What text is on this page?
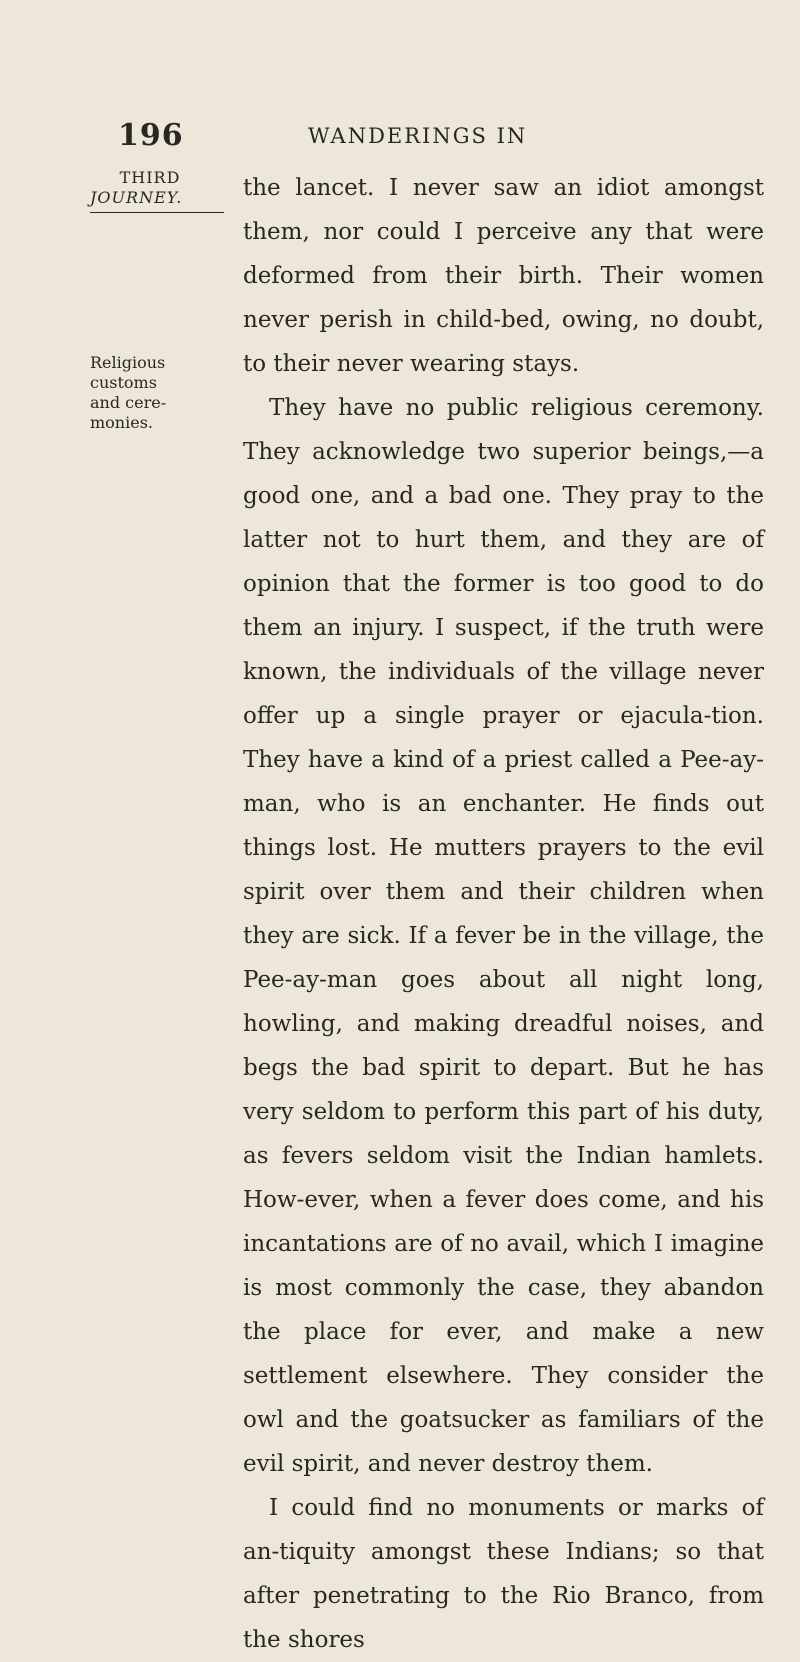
196	WANDERINGS IN
THIRD
JOURNEY.
Religious
customs
and cere-
monies.

the lancet. I never saw an idiot amongst them, nor could I perceive any that were deformed from their birth. Their women never perish in child-bed, owing, no doubt, to their never wearing stays.

They have no public religious ceremony. They acknowledge two superior beings,—a good one, and a bad one. They pray to the latter not to hurt them, and they are of opinion that the former is too good to do them an injury. I suspect, if the truth were known, the individuals of the village never offer up a single prayer or ejacula-tion. They have a kind of a priest called a Pee-ay-man, who is an enchanter. He finds out things lost. He mutters prayers to the evil spirit over them and their children when they are sick. If a fever be in the village, the Pee-ay-man goes about all night long, howling, and making dreadful noises, and begs the bad spirit to depart. But he has very seldom to perform this part of his duty, as fevers seldom visit the Indian hamlets. How-ever, when a fever does come, and his incantations are of no avail, which I imagine is most commonly the case, they abandon the place for ever, and make a new settlement elsewhere. They consider the owl and the goatsucker as familiars of the evil spirit, and never destroy them.

I could find no monuments or marks of an-tiquity amongst these Indians; so that after penetrating to the Rio Branco, from the shores
